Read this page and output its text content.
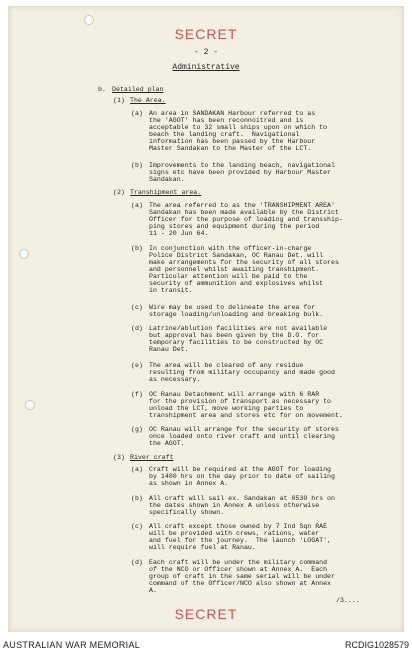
SECRET
- 2 -
Administrative
b. Detailed plan
(1) The Area.
(a) An area in SANDAKAN Harbour referred to as
the 'AGOT' has been reconnoitred and is
acceptable to 32 small ships upon on which to
beach the landing craft.  Navigational
information has been passed by the Harbour
Master Sandakan to the Master of the LCT.
(b) Improvements to the landing beach, navigational
signs etc have been provided by Harbour Master
Sandakan.
(2) Transhipment area.
(a) The area referred to as the 'TRANSHIPMENT AREA'
Sandakan has been made available by the District
Officer for the purpose of loading and transship-
ping stores and equipment during the period
11 - 20 Jun 64.
(b) In conjunction with the officer-in-charge
Police District Sandakan, OC Ranau Det. will
make arrangements for the security of all stores
and personnel whilst awaiting transhipment.
Particular attention will be paid to the
security of ammunition and explosives whilst
in transit.
(c) Wire may be used to delineate the area for
storage loading/unloading and breaking bulk.
(d) Latrine/ablution facilities are not available
but approval has been given by the D.O. for
temporary facilities to be constructed by OC
Ranau Det.
(e) The area will be cleared of any residue
resulting from military occupancy and made good
as necessary.
(f) OC Ranau Detachment will arrange with 6 RAR
for the provision of transport as necessary to
unload the LCT, move working parties to
transhipment area and stores etc for on movement.
(g) OC Ranau will arrange for the security of stores
once loaded onto river craft and until clearing
the AGOT.
(3) River craft
(a) Craft will be required at the AGOT for loading
by 1400 hrs on the day prior to date of sailing
as shown in Annex A.
(b) All craft will sail ex. Sandakan at 0530 hrs on
the dates shown in Annex A unless otherwise
specifically shown.
(c) All craft except those owned by 7 Ind Sqn RAE
will be provided with crews, rations, water
and fuel for the journey.  The launch 'LOGAT',
will require fuel at Ranau.
(d) Each craft will be under the military command
of the NCO or Officer shown at Annex A.  Each
group of craft in the same serial will be under
command of the Officer/NCO also shown at Annex
A.
/3....
SECRET
AUSTRALIAN WAR MEMORIAL	RCDIG1028579
